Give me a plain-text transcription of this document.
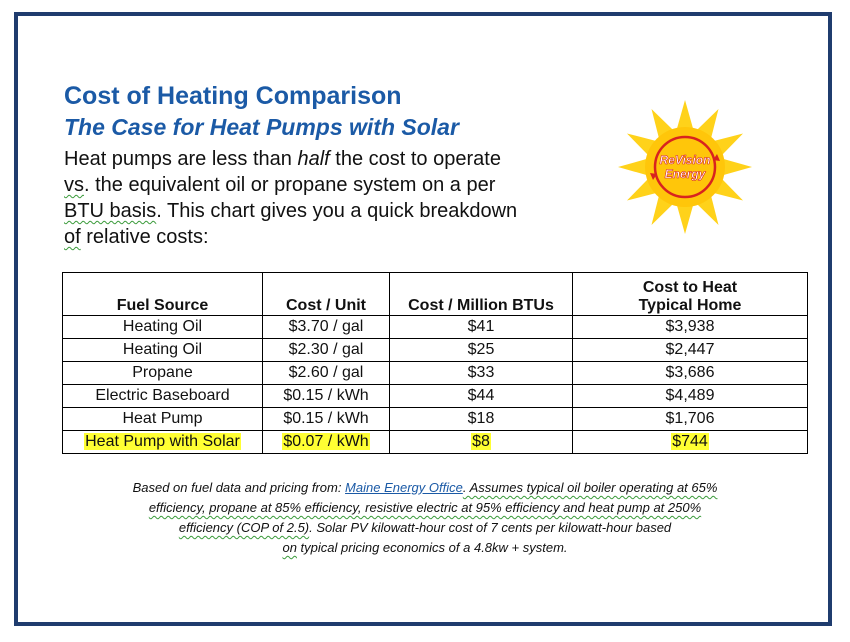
Cost of Heating Comparison
The Case for Heat Pumps with Solar
Heat pumps are less than half the cost to operate
vs. the equivalent oil or propane system on a per
BTU basis. This chart gives you a quick breakdown
of relative costs:
ReVision
Energy
Fuel Source	Cost / Unit	Cost / Million BTUs	Cost to Heat
Typical Home
Heating Oil	$3.70 / gal	$41	$3,938
Heating Oil	$2.30 / gal	$25	$2,447
Propane	$2.60 / gal	$33	$3,686
Electric Baseboard	$0.15 / kWh	$44	$4,489
Heat Pump	$0.15 / kWh	$18	$1,706
Heat Pump with Solar	$0.07 / kWh	$8	$744
Based on fuel data and pricing from: Maine Energy Office. Assumes typical oil boiler operating at 65%
efficiency, propane at 85% efficiency, resistive electric at 95% efficiency and heat pump at 250%
efficiency (COP of 2.5). Solar PV kilowatt-hour cost of 7 cents per kilowatt-hour based
on typical pricing economics of a 4.8kw + system.
